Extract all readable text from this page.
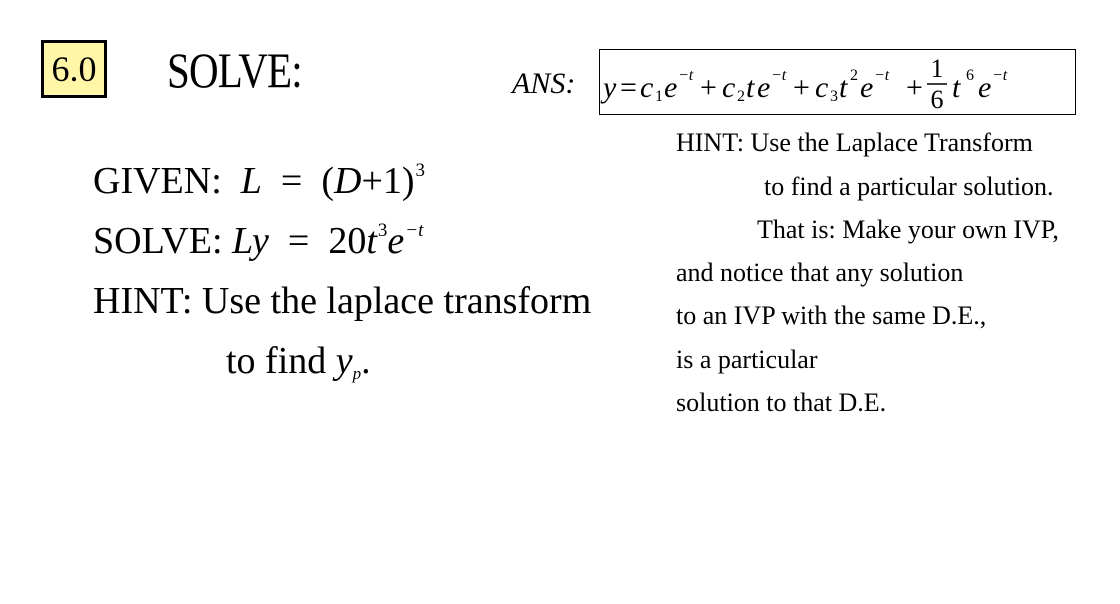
6.0 SOLVE:	ANS: y = c 1 e −t + c 2 t e −t + c 3 t 2 e −t +
1
6 t 6 e −t
GIVEN: $L = (D+1)^3$
SOLVE: $Ly = 20t^3e^{-t}$
HINT: Use the laplace transform
to find yp.
HINT: Use the Laplace Transform
to find a particular solution.
That is: Make your own IVP,
and notice that any solution
to an IVP with the same D.E.,
is a particular
solution to that D.E.
